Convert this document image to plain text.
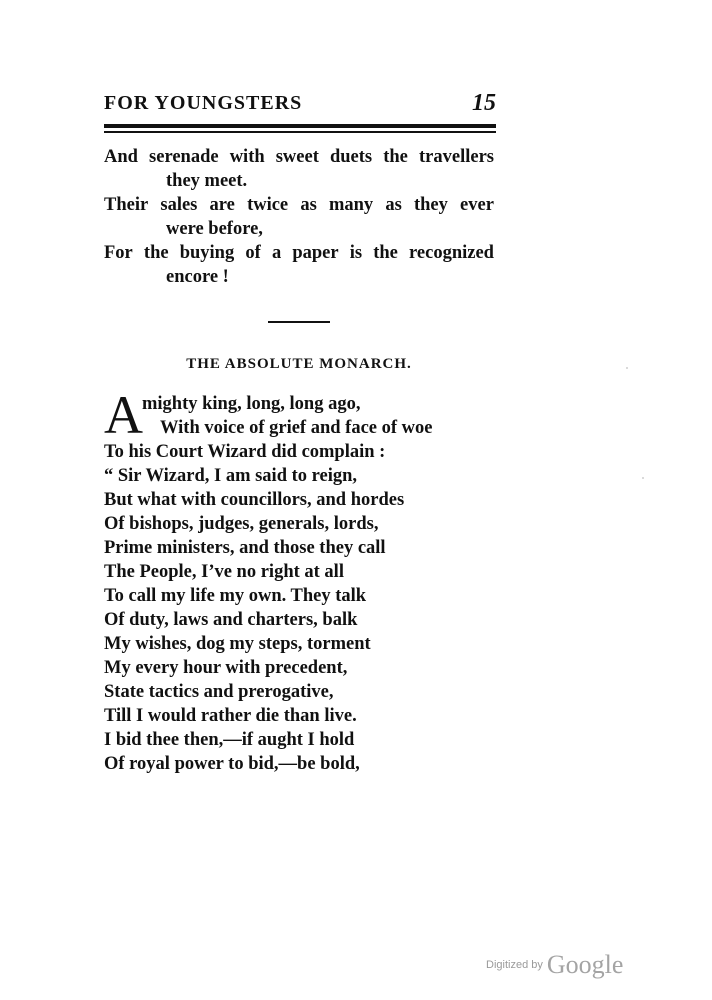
FOR YOUNGSTERS	15
And serenade with sweet duets the travellers
they meet.
Their sales are twice as many as they ever
were before,
For the buying of a paper is the recognized
encore !
THE ABSOLUTE MONARCH.
A mighty king, long, long ago,
With voice of grief and face of woe
To his Court Wizard did complain :
“ Sir Wizard, I am said to reign,
But what with councillors, and hordes
Of bishops, judges, generals, lords,
Prime ministers, and those they call
The People, I’ve no right at all
To call my life my own. They talk
Of duty, laws and charters, balk
My wishes, dog my steps, torment
My every hour with precedent,
State tactics and prerogative,
Till I would rather die than live.
I bid thee then,—if aught I hold
Of royal power to bid,—be bold,
Digitized by Google
